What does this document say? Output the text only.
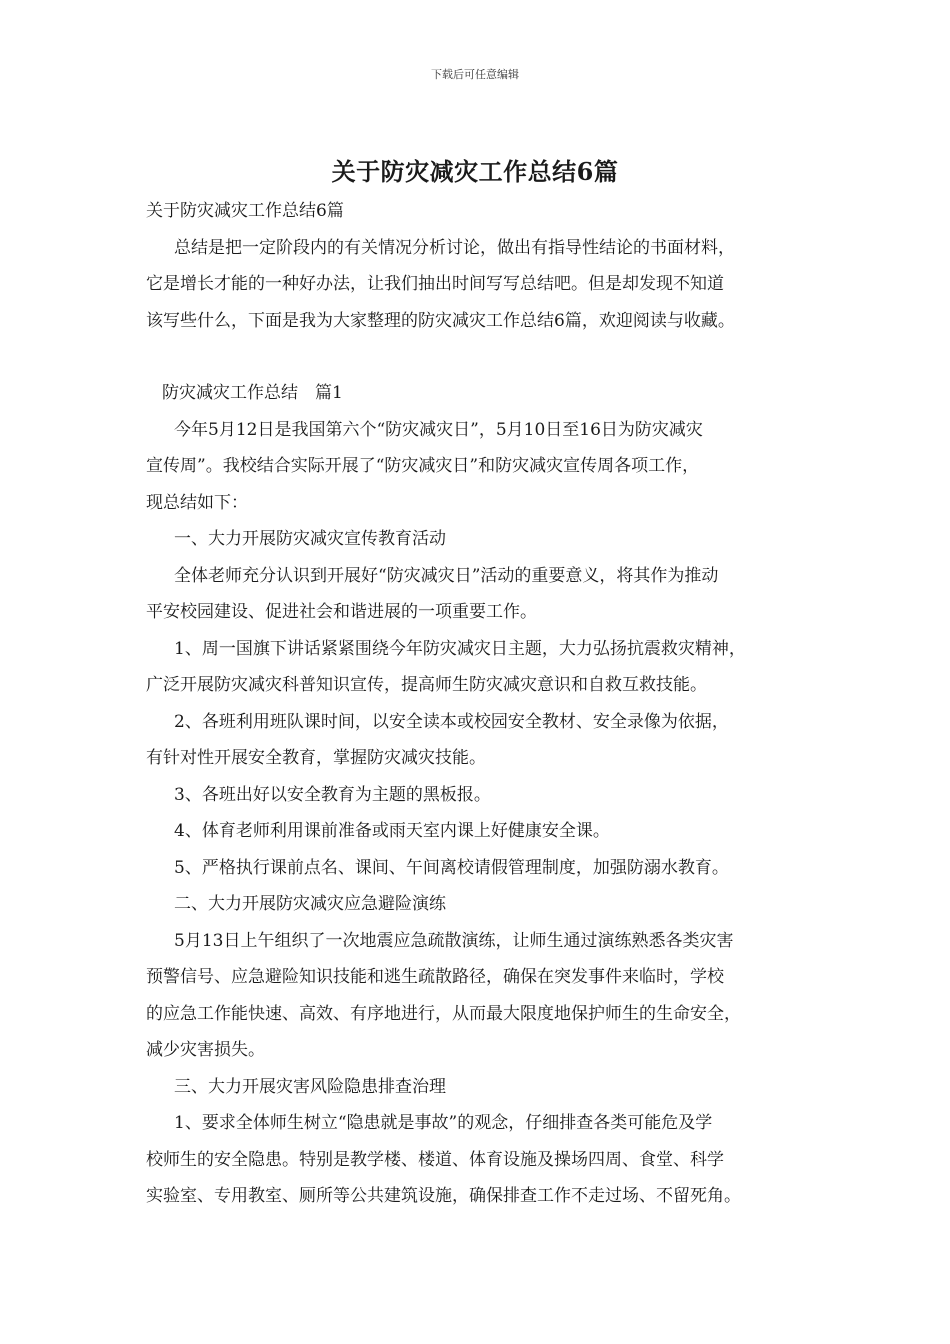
下载后可任意编辑
关于防灾减灾工作总结6篇
关于防灾减灾工作总结6篇
总结是把一定阶段内的有关情况分析讨论，做出有指导性结论的书面材料，
它是增长才能的一种好办法，让我们抽出时间写写总结吧。但是却发现不知道
该写些什么，下面是我为大家整理的防灾减灾工作总结6篇，欢迎阅读与收藏。
防灾减灾工作总结　篇1
今年5月12日是我国第六个“防灾减灾日”，5月10日至16日为防灾减灾
宣传周”。我校结合实际开展了“防灾减灾日”和防灾减灾宣传周各项工作，
现总结如下：
一、大力开展防灾减灾宣传教育活动
全体老师充分认识到开展好“防灾减灾日”活动的重要意义，将其作为推动
平安校园建设、促进社会和谐进展的一项重要工作。
1、周一国旗下讲话紧紧围绕今年防灾减灾日主题，大力弘扬抗震救灾精神，
广泛开展防灾减灾科普知识宣传，提高师生防灾减灾意识和自救互救技能。
2、各班利用班队课时间，以安全读本或校园安全教材、安全录像为依据，
有针对性开展安全教育，掌握防灾减灾技能。
3、各班出好以安全教育为主题的黑板报。
4、体育老师利用课前准备或雨天室内课上好健康安全课。
5、严格执行课前点名、课间、午间离校请假管理制度，加强防溺水教育。
二、大力开展防灾减灾应急避险演练
5月13日上午组织了一次地震应急疏散演练，让师生通过演练熟悉各类灾害
预警信号、应急避险知识技能和逃生疏散路径，确保在突发事件来临时，学校
的应急工作能快速、高效、有序地进行，从而最大限度地保护师生的生命安全，
减少灾害损失。
三、大力开展灾害风险隐患排查治理
1、要求全体师生树立“隐患就是事故”的观念，仔细排查各类可能危及学
校师生的安全隐患。特别是教学楼、楼道、体育设施及操场四周、食堂、科学
实验室、专用教室、厕所等公共建筑设施，确保排查工作不走过场、不留死角。
